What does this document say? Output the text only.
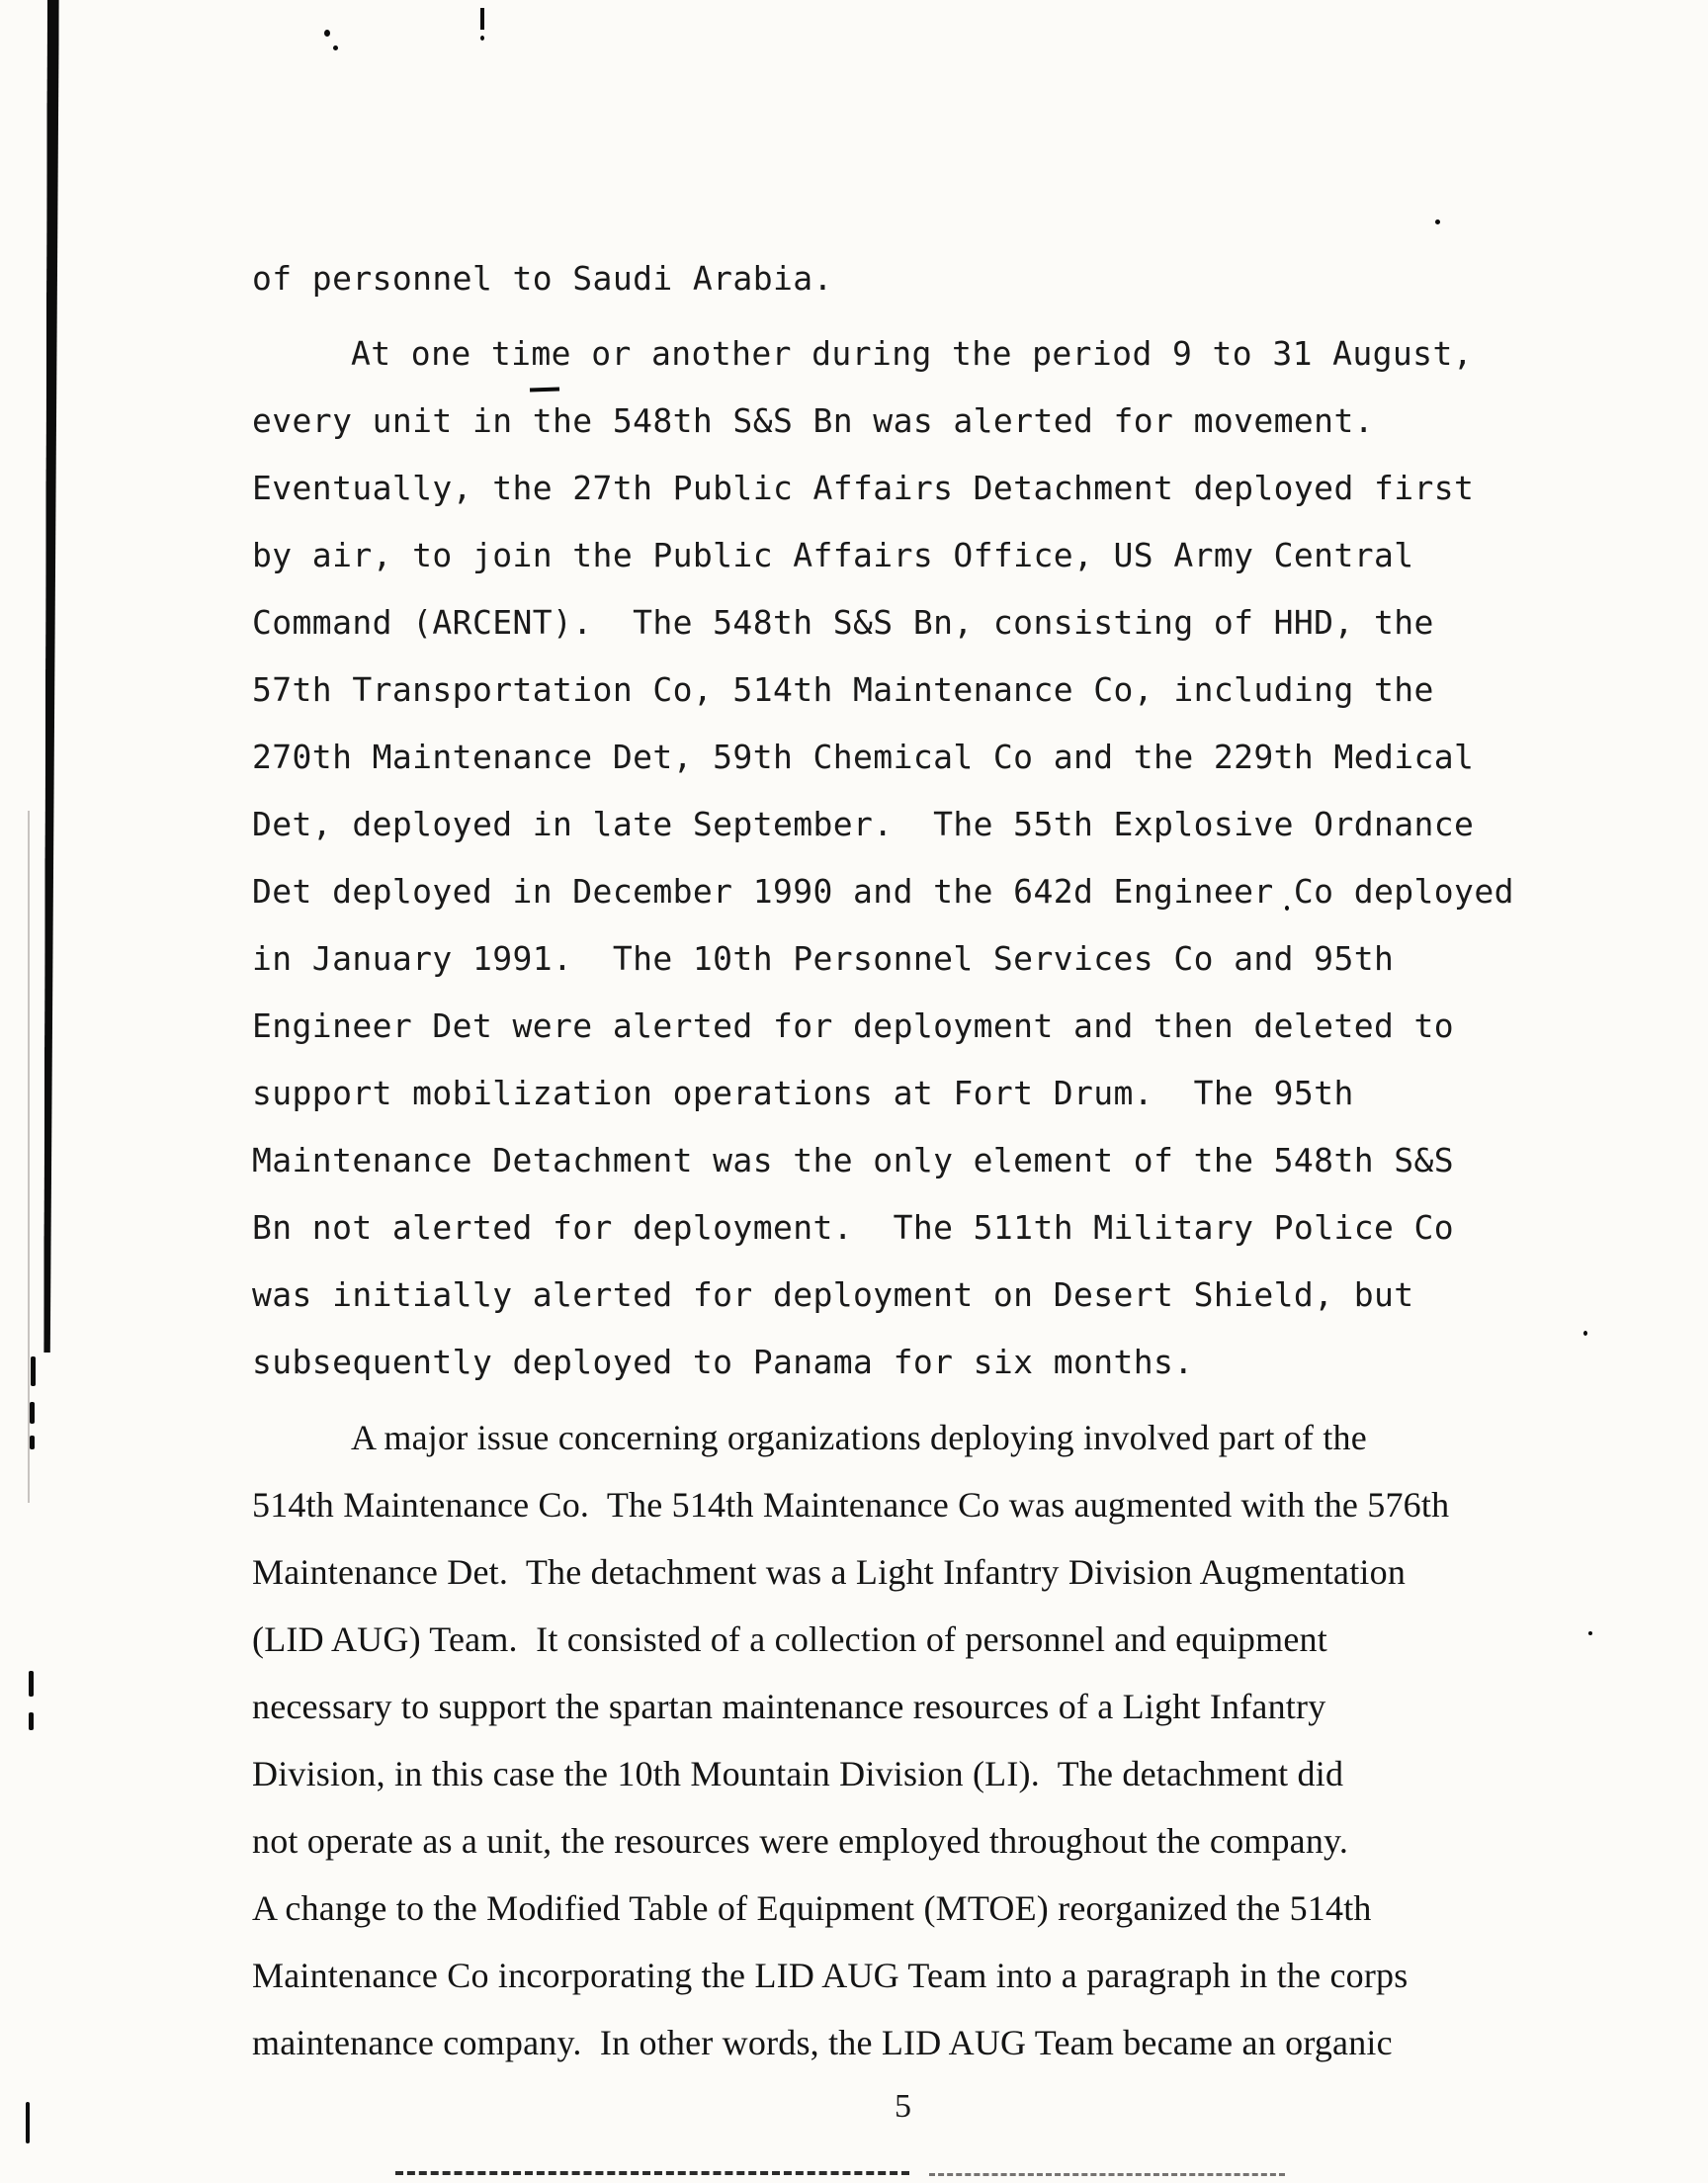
of personnel to Saudi Arabia.
At one time or another during the period 9 to 31 August,
every unit in the 548th S&S Bn was alerted for movement.
Eventually, the 27th Public Affairs Detachment deployed first
by air, to join the Public Affairs Office, US Army Central
Command (ARCENT).  The 548th S&S Bn, consisting of HHD, the
57th Transportation Co, 514th Maintenance Co, including the
270th Maintenance Det, 59th Chemical Co and the 229th Medical
Det, deployed in late September.  The 55th Explosive Ordnance
Det deployed in December 1990 and the 642d Engineer Co deployed
in January 1991.  The 10th Personnel Services Co and 95th
Engineer Det were alerted for deployment and then deleted to
support mobilization operations at Fort Drum.  The 95th
Maintenance Detachment was the only element of the 548th S&S
Bn not alerted for deployment.  The 511th Military Police Co
was initially alerted for deployment on Desert Shield, but
subsequently deployed to Panama for six months.
A major issue concerning organizations deploying involved part of the
514th Maintenance Co.  The 514th Maintenance Co was augmented with the 576th
Maintenance Det.  The detachment was a Light Infantry Division Augmentation
(LID AUG) Team.  It consisted of a collection of personnel and equipment
necessary to support the spartan maintenance resources of a Light Infantry
Division, in this case the 10th Mountain Division (LI).  The detachment did
not operate as a unit, the resources were employed throughout the company.
A change to the Modified Table of Equipment (MTOE) reorganized the 514th
Maintenance Co incorporating the LID AUG Team into a paragraph in the corps
maintenance company.  In other words, the LID AUG Team became an organic
5
